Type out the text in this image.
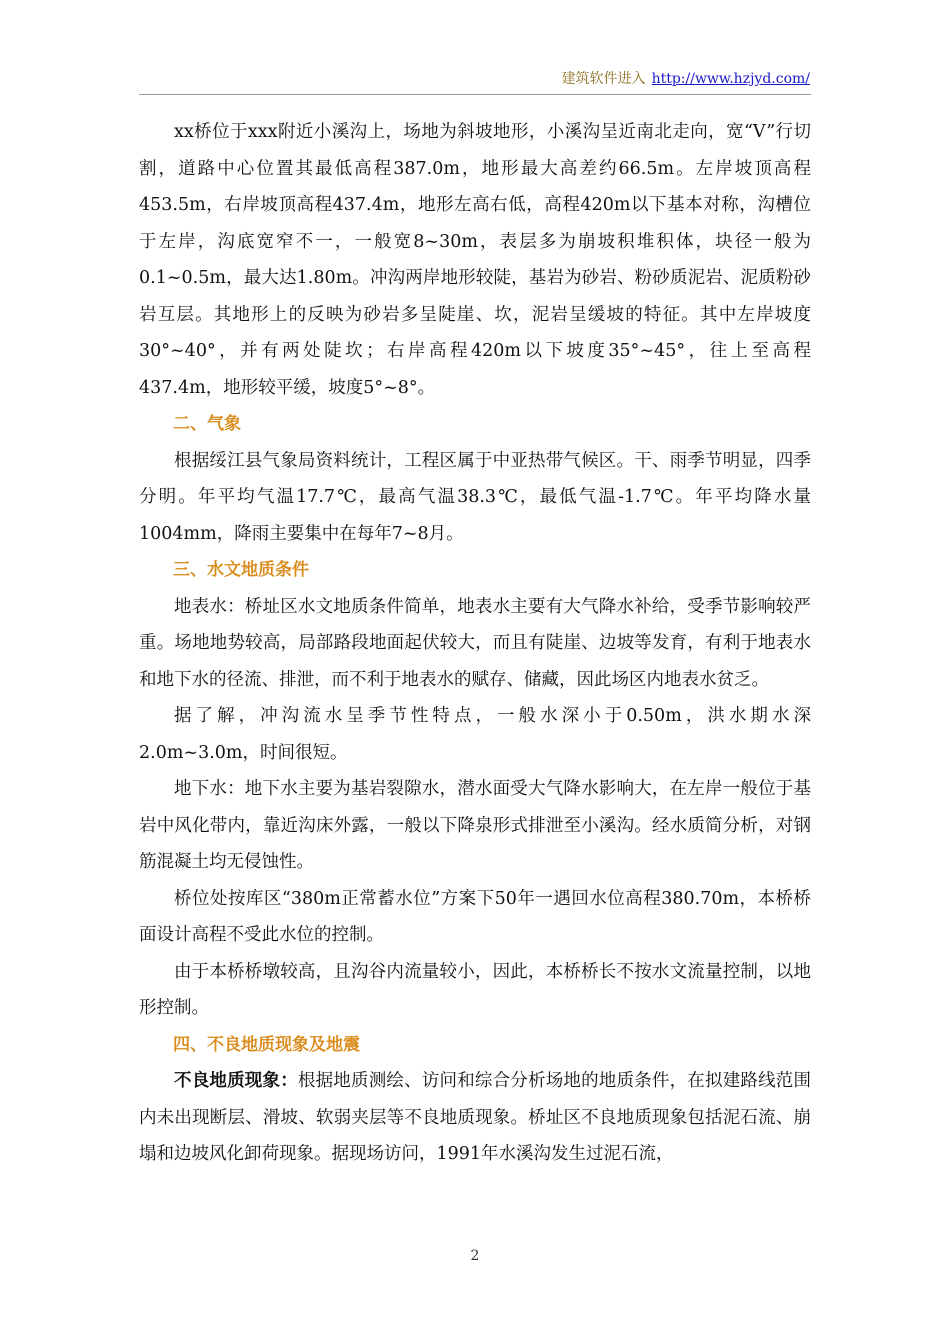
建筑软件进入 http://www.hzjyd.com/

xx桥位于xxx附近小溪沟上，场地为斜坡地形，小溪沟呈近南北走向，宽“V”行切割，道路中心位置其最低高程387.0m，地形最大高差约66.5m。左岸坡顶高程453.5m，右岸坡顶高程437.4m，地形左高右低，高程420m以下基本对称，沟槽位于左岸，沟底宽窄不一，一般宽8~30m，表层多为崩坡积堆积体，块径一般为0.1~0.5m，最大达1.80m。冲沟两岸地形较陡，基岩为砂岩、粉砂质泥岩、泥质粉砂岩互层。其地形上的反映为砂岩多呈陡崖、坎，泥岩呈缓坡的特征。其中左岸坡度30°~40°，并有两处陡坎；右岸高程420m以下坡度35°~45°，往上至高程437.4m，地形较平缓，坡度5°~8°。

二、气象

根据绥江县气象局资料统计，工程区属于中亚热带气候区。干、雨季节明显，四季分明。年平均气温17.7℃，最高气温38.3℃，最低气温-1.7℃。年平均降水量1004mm，降雨主要集中在每年7~8月。

三、水文地质条件

地表水：桥址区水文地质条件简单，地表水主要有大气降水补给，受季节影响较严重。场地地势较高，局部路段地面起伏较大，而且有陡崖、边坡等发育，有利于地表水和地下水的径流、排泄，而不利于地表水的赋存、储藏，因此场区内地表水贫乏。

据了解，冲沟流水呈季节性特点，一般水深小于0.50m，洪水期水深2.0m~3.0m，时间很短。

地下水：地下水主要为基岩裂隙水，潜水面受大气降水影响大，在左岸一般位于基岩中风化带内，靠近沟床外露，一般以下降泉形式排泄至小溪沟。经水质简分析，对钢筋混凝土均无侵蚀性。

桥位处按库区“380m正常蓄水位”方案下50年一遇回水位高程380.70m，本桥桥面设计高程不受此水位的控制。

由于本桥桥墩较高，且沟谷内流量较小，因此，本桥桥长不按水文流量控制，以地形控制。

四、不良地质现象及地震

不良地质现象：根据地质测绘、访问和综合分析场地的地质条件，在拟建路线范围内未出现断层、滑坡、软弱夹层等不良地质现象。桥址区不良地质现象包括泥石流、崩塌和边坡风化卸荷现象。据现场访问，1991年水溪沟发生过泥石流，

2
